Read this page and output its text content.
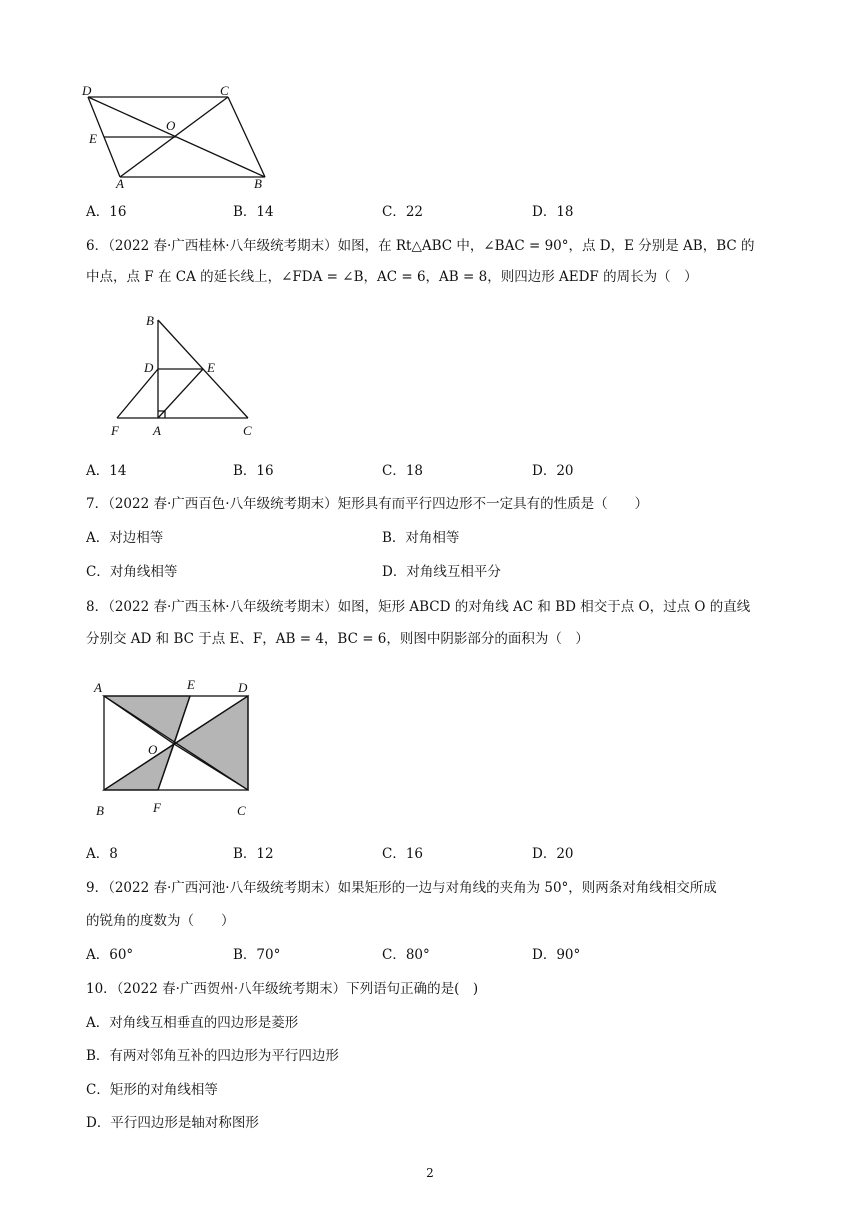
D	C
O
E
A	B
A．16	B．14	C．22	D．18
6．（2022 春·广西桂林·八年级统考期末）如图，在 Rt△ABC 中，∠BAC = 90°，点 D，E 分别是 AB，BC 的
中点，点 F 在 CA 的延长线上，∠FDA = ∠B，AC = 6，AB = 8，则四边形 AEDF 的周长为（　）
B
D	E
F	A	C
A．14	B．16	C．18	D．20
7．（2022 春·广西百色·八年级统考期末）矩形具有而平行四边形不一定具有的性质是（　　）
A．对边相等	B．对角相等
C．对角线相等	D．对角线互相平分
8．（2022 春·广西玉林·八年级统考期末）如图，矩形 ABCD 的对角线 AC 和 BD 相交于点 O，过点 O 的直线
分别交 AD 和 BC 于点 E、F，AB = 4，BC = 6，则图中阴影部分的面积为（　）
A	E	D
O
B	F	C
A．8	B．12	C．16	D．20
9．（2022 春·广西河池·八年级统考期末）如果矩形的一边与对角线的夹角为 50°，则两条对角线相交所成
的锐角的度数为（　　）
A．60°	B．70°	C．80°	D．90°
10．（2022 春·广西贺州·八年级统考期末）下列语句正确的是(　)
A．对角线互相垂直的四边形是菱形
B．有两对邻角互补的四边形为平行四边形
C．矩形的对角线相等
D．平行四边形是轴对称图形
2
